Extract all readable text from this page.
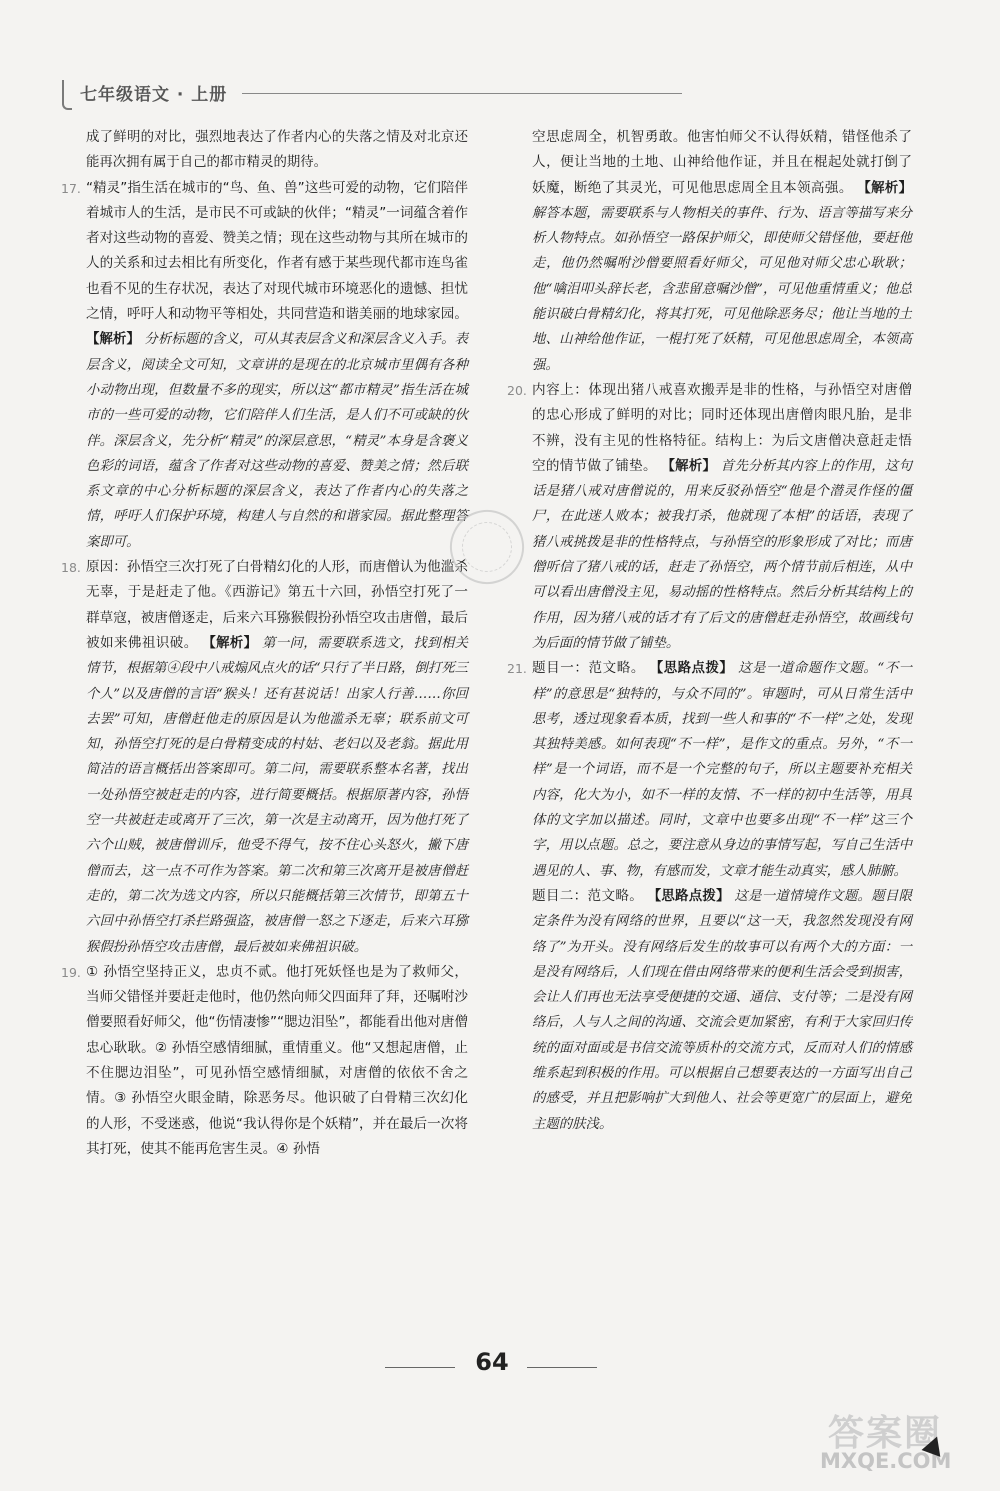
七年级语文 · 上册

成了鲜明的对比，强烈地表达了作者内心的失落之情及对北京还能再次拥有属于自己的都市精灵的期待。

17. “精灵”指生活在城市的“鸟、鱼、兽”这些可爱的动物，它们陪伴着城市人的生活，是市民不可或缺的伙伴；“精灵”一词蕴含着作者对这些动物的喜爱、赞美之情；现在这些动物与其所在城市的人的关系和过去相比有所变化，作者有感于某些现代都市连鸟雀也看不见的生存状况，表达了对现代城市环境恶化的遗憾、担忧之情，呼吁人和动物平等相处，共同营造和谐美丽的地球家园。 【解析】 分析标题的含义，可从其表层含义和深层含义入手。表层含义，阅读全文可知，文章讲的是现在的北京城市里偶有各种小动物出现，但数量不多的现实，所以这“都市精灵”指生活在城市的一些可爱的动物，它们陪伴人们生活，是人们不可或缺的伙伴。深层含义，先分析“精灵”的深层意思，“精灵”本身是含褒义色彩的词语，蕴含了作者对这些动物的喜爱、赞美之情；然后联系文章的中心分析标题的深层含义，表达了作者内心的失落之情，呼吁人们保护环境，构建人与自然的和谐家园。据此整理答案即可。

18. 原因：孙悟空三次打死了白骨精幻化的人形，而唐僧认为他滥杀无辜，于是赶走了他。《西游记》第五十六回，孙悟空打死了一群草寇，被唐僧逐走，后来六耳猕猴假扮孙悟空攻击唐僧，最后被如来佛祖识破。 【解析】 第一问，需要联系选文，找到相关情节，根据第④段中八戒煽风点火的话“只行了半日路，倒打死三个人”以及唐僧的言语“猴头！还有甚说话！出家人行善……你回去罢”可知，唐僧赶他走的原因是认为他滥杀无辜；联系前文可知，孙悟空打死的是白骨精变成的村姑、老妇以及老翁。据此用简洁的语言概括出答案即可。第二问，需要联系整本名著，找出一处孙悟空被赶走的内容，进行简要概括。根据原著内容，孙悟空一共被赶走或离开了三次，第一次是主动离开，因为他打死了六个山贼，被唐僧训斥，他受不得气，按不住心头怒火，撇下唐僧而去，这一点不可作为答案。第二次和第三次离开是被唐僧赶走的，第二次为选文内容，所以只能概括第三次情节，即第五十六回中孙悟空打杀拦路强盗，被唐僧一怒之下逐走，后来六耳猕猴假扮孙悟空攻击唐僧，最后被如来佛祖识破。

19. ① 孙悟空坚持正义，忠贞不贰。他打死妖怪也是为了救师父，当师父错怪并要赶走他时，他仍然向师父四面拜了拜，还嘱咐沙僧要照看好师父，他“伤情凄惨”“腮边泪坠”，都能看出他对唐僧忠心耿耿。② 孙悟空感情细腻，重情重义。他“又想起唐僧，止不住腮边泪坠”，可见孙悟空感情细腻，对唐僧的依依不舍之情。③ 孙悟空火眼金睛，除恶务尽。他识破了白骨精三次幻化的人形，不受迷惑，他说“我认得你是个妖精”，并在最后一次将其打死，使其不能再危害生灵。④ 孙悟

空思虑周全，机智勇敢。他害怕师父不认得妖精，错怪他杀了人，便让当地的土地、山神给他作证，并且在棍起处就打倒了妖魔，断绝了其灵光，可见他思虑周全且本领高强。 【解析】 解答本题，需要联系与人物相关的事件、行为、语言等描写来分析人物特点。如孙悟空一路保护师父，即使师父错怪他，要赶他走，他仍然嘱咐沙僧要照看好师父，可见他对师父忠心耿耿；他“噙泪叩头辞长老，含悲留意嘱沙僧”，可见他重情重义；他总能识破白骨精幻化，将其打死，可见他除恶务尽；他让当地的土地、山神给他作证，一棍打死了妖精，可见他思虑周全，本领高强。

20. 内容上：体现出猪八戒喜欢搬弄是非的性格，与孙悟空对唐僧的忠心形成了鲜明的对比；同时还体现出唐僧肉眼凡胎，是非不辨，没有主见的性格特征。结构上：为后文唐僧决意赶走悟空的情节做了铺垫。 【解析】 首先分析其内容上的作用，这句话是猪八戒对唐僧说的，用来反驳孙悟空“他是个潜灵作怪的僵尸，在此迷人败本；被我打杀，他就现了本相”的话语，表现了猪八戒挑拨是非的性格特点，与孙悟空的形象形成了对比；而唐僧听信了猪八戒的话，赶走了孙悟空，两个情节前后相连，从中可以看出唐僧没主见，易动摇的性格特点。然后分析其结构上的作用，因为猪八戒的话才有了后文的唐僧赶走孙悟空，故画线句为后面的情节做了铺垫。

21. 题目一：范文略。 【思路点拨】 这是一道命题作文题。“不一样”的意思是“独特的，与众不同的”。审题时，可从日常生活中思考，透过现象看本质，找到一些人和事的“不一样”之处，发现其独特美感。如何表现“不一样”，是作文的重点。另外，“不一样”是一个词语，而不是一个完整的句子，所以主题要补充相关内容，化大为小，如不一样的友情、不一样的初中生活等，用具体的文字加以描述。同时，文章中也要多出现“不一样”这三个字，用以点题。总之，要注意从身边的事情写起，写自己生活中遇见的人、事、物，有感而发，文章才能生动真实，感人肺腑。

题目二：范文略。 【思路点拨】 这是一道情境作文题。题目限定条件为没有网络的世界，且要以“这一天，我忽然发现没有网络了”为开头。没有网络后发生的故事可以有两个大的方面：一是没有网络后，人们现在借由网络带来的便利生活会受到损害，会让人们再也无法享受便捷的交通、通信、支付等；二是没有网络后，人与人之间的沟通、交流会更加紧密，有利于大家回归传统的面对面或是书信交流等质朴的交流方式，反而对人们的情感维系起到积极的作用。可以根据自己想要表达的一方面写出自己的感受，并且把影响扩大到他人、社会等更宽广的层面上，避免主题的肤浅。

64
答案圈
MXQE.COM
